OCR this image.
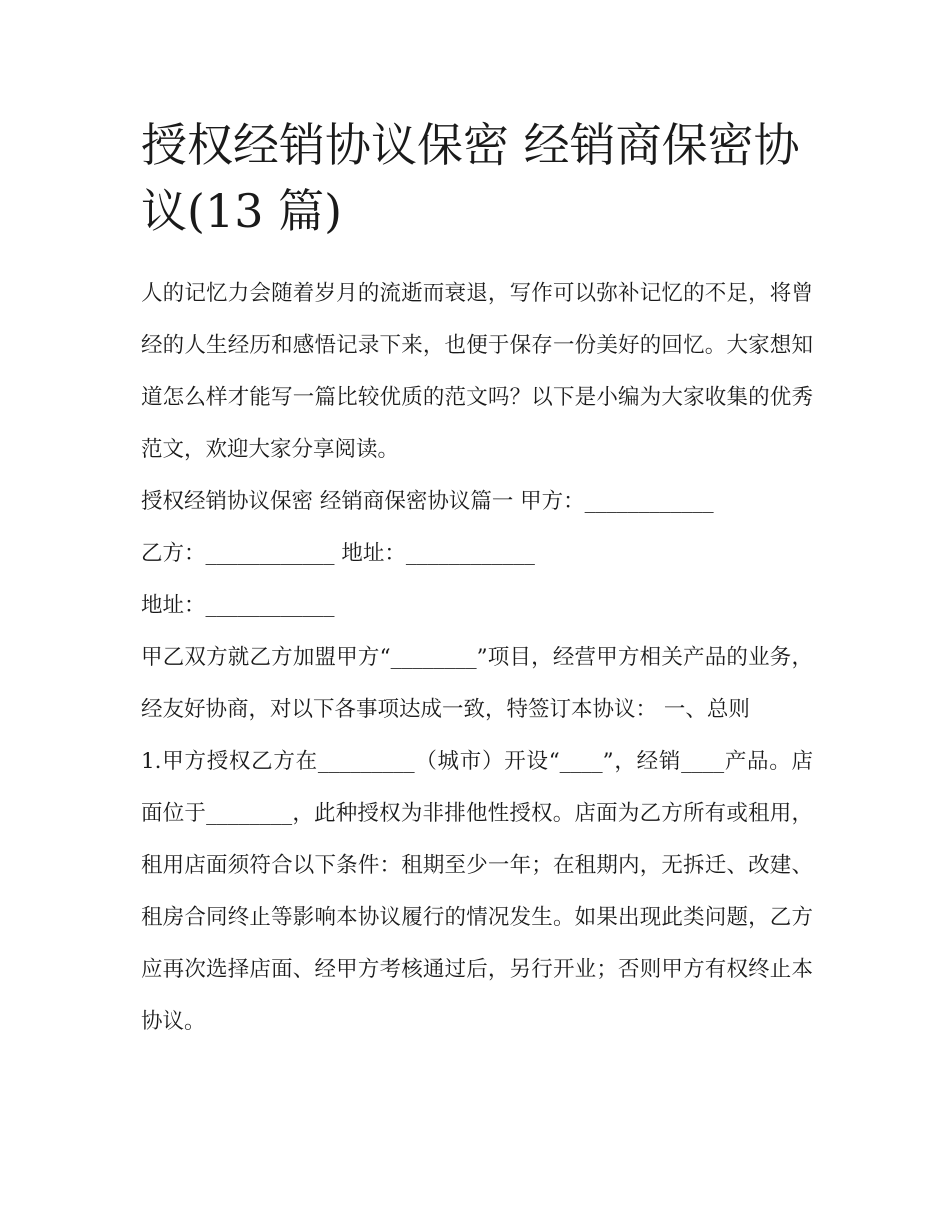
授权经销协议保密 经销商保密协议(13 篇)

人的记忆力会随着岁月的流逝而衰退，写作可以弥补记忆的不足，将曾经的人生经历和感悟记录下来，也便于保存一份美好的回忆。大家想知道怎么样才能写一篇比较优质的范文吗？以下是小编为大家收集的优秀范文，欢迎大家分享阅读。

授权经销协议保密 经销商保密协议篇一 甲方：____________

乙方：____________ 地址：____________

地址：____________

甲乙双方就乙方加盟甲方“________”项目，经营甲方相关产品的业务，经友好协商，对以下各事项达成一致，特签订本协议： 一、总则

1.甲方授权乙方在_________（城市）开设“____”，经销____产品。店面位于________，此种授权为非排他性授权。店面为乙方所有或租用，租用店面须符合以下条件：租期至少一年；在租期内，无拆迁、改建、租房合同终止等影响本协议履行的情况发生。如果出现此类问题，乙方应再次选择店面、经甲方考核通过后，另行开业；否则甲方有权终止本协议。
